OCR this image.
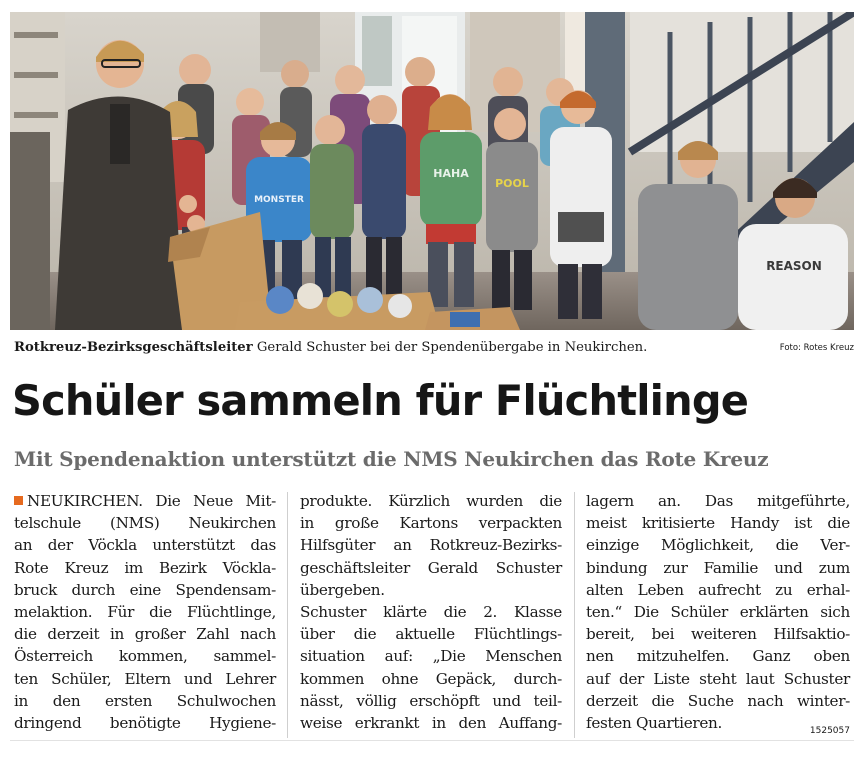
MONSTER
HAHA
POOL
REASON
Rotkreuz-Bezirksgeschäftsleiter Gerald Schuster bei der Spendenübergabe in Neukirchen.	Foto: Rotes Kreuz
Schüler sammeln für Flüchtlinge
Mit Spendenaktion unterstützt die NMS Neukirchen das Rote Kreuz
NEUKIRCHEN. Die Neue Mit-
telschule (NMS) Neukirchen
an der Vöckla unterstützt das
Rote Kreuz im Bezirk Vöckla-
bruck durch eine Spendensam-
melaktion. Für die Flüchtlinge,
die derzeit in großer Zahl nach
Österreich kommen, sammel-
ten Schüler, Eltern und Lehrer
in den ersten Schulwochen
dringend benötigte Hygiene-
produkte. Kürzlich wurden die
in große Kartons verpackten
Hilfsgüter an Rotkreuz-Bezirks-
geschäftsleiter Gerald Schuster
übergeben.
Schuster klärte die 2. Klasse
über die aktuelle Flüchtlings-
situation auf: „Die Menschen
kommen ohne Gepäck, durch-
nässt, völlig erschöpft und teil-
weise erkrankt in den Auffang-
lagern an. Das mitgeführte,
meist kritisierte Handy ist die
einzige Möglichkeit, die Ver-
bindung zur Familie und zum
alten Leben aufrecht zu erhal-
ten.“ Die Schüler erklärten sich
bereit, bei weiteren Hilfsaktio-
nen mitzuhelfen. Ganz oben
auf der Liste steht laut Schuster
derzeit die Suche nach winter-
festen Quartieren.	1525057
